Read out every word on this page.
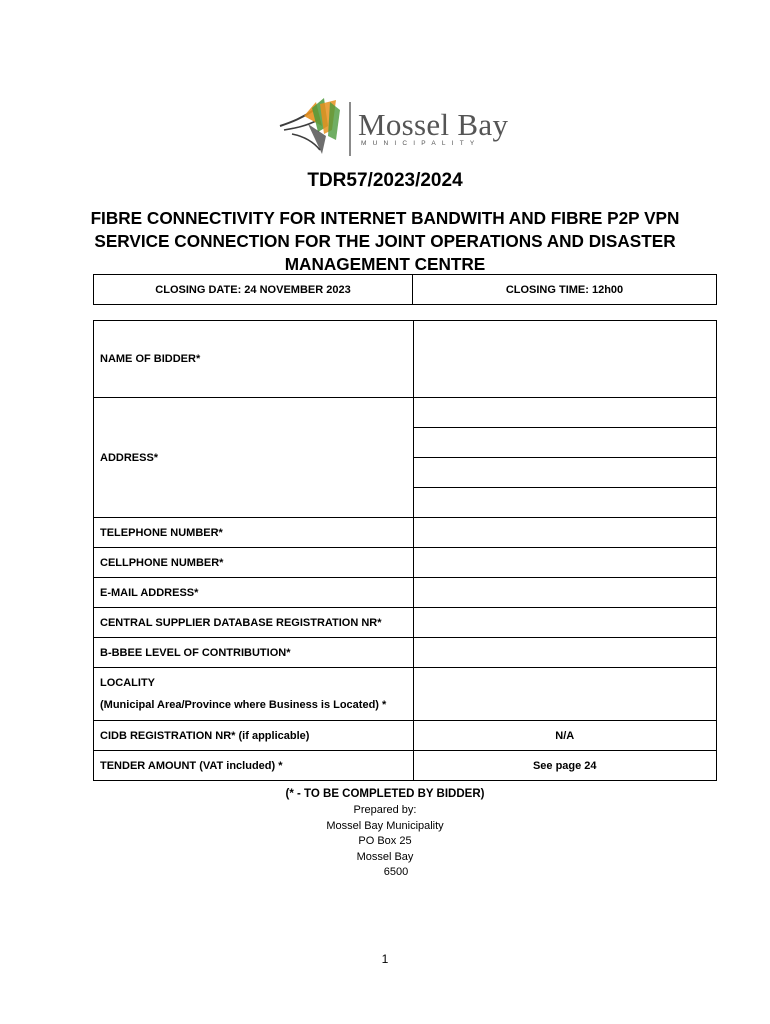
Mossel Bay
MUNICIPALITY
TDR57/2023/2024
FIBRE CONNECTIVITY FOR INTERNET BANDWITH AND FIBRE P2P VPN
SERVICE CONNECTION FOR THE JOINT OPERATIONS AND DISASTER
MANAGEMENT CENTRE
CLOSING DATE: 24 NOVEMBER 2023	CLOSING TIME: 12h00
NAME OF BIDDER*	
ADDRESS*	

TELEPHONE NUMBER*	
CELLPHONE NUMBER*	
E-MAIL ADDRESS*	
CENTRAL SUPPLIER DATABASE REGISTRATION NR*	
B-BBEE LEVEL OF CONTRIBUTION*	

LOCALITY
(Municipal Area/Province where Business is Located) *	

CIDB REGISTRATION NR* (if applicable)	N/A
TENDER AMOUNT (VAT included) *	See page 24
(* - TO BE COMPLETED BY BIDDER)
Prepared by:
Mossel Bay Municipality
PO Box 25
Mossel Bay
6500
1
